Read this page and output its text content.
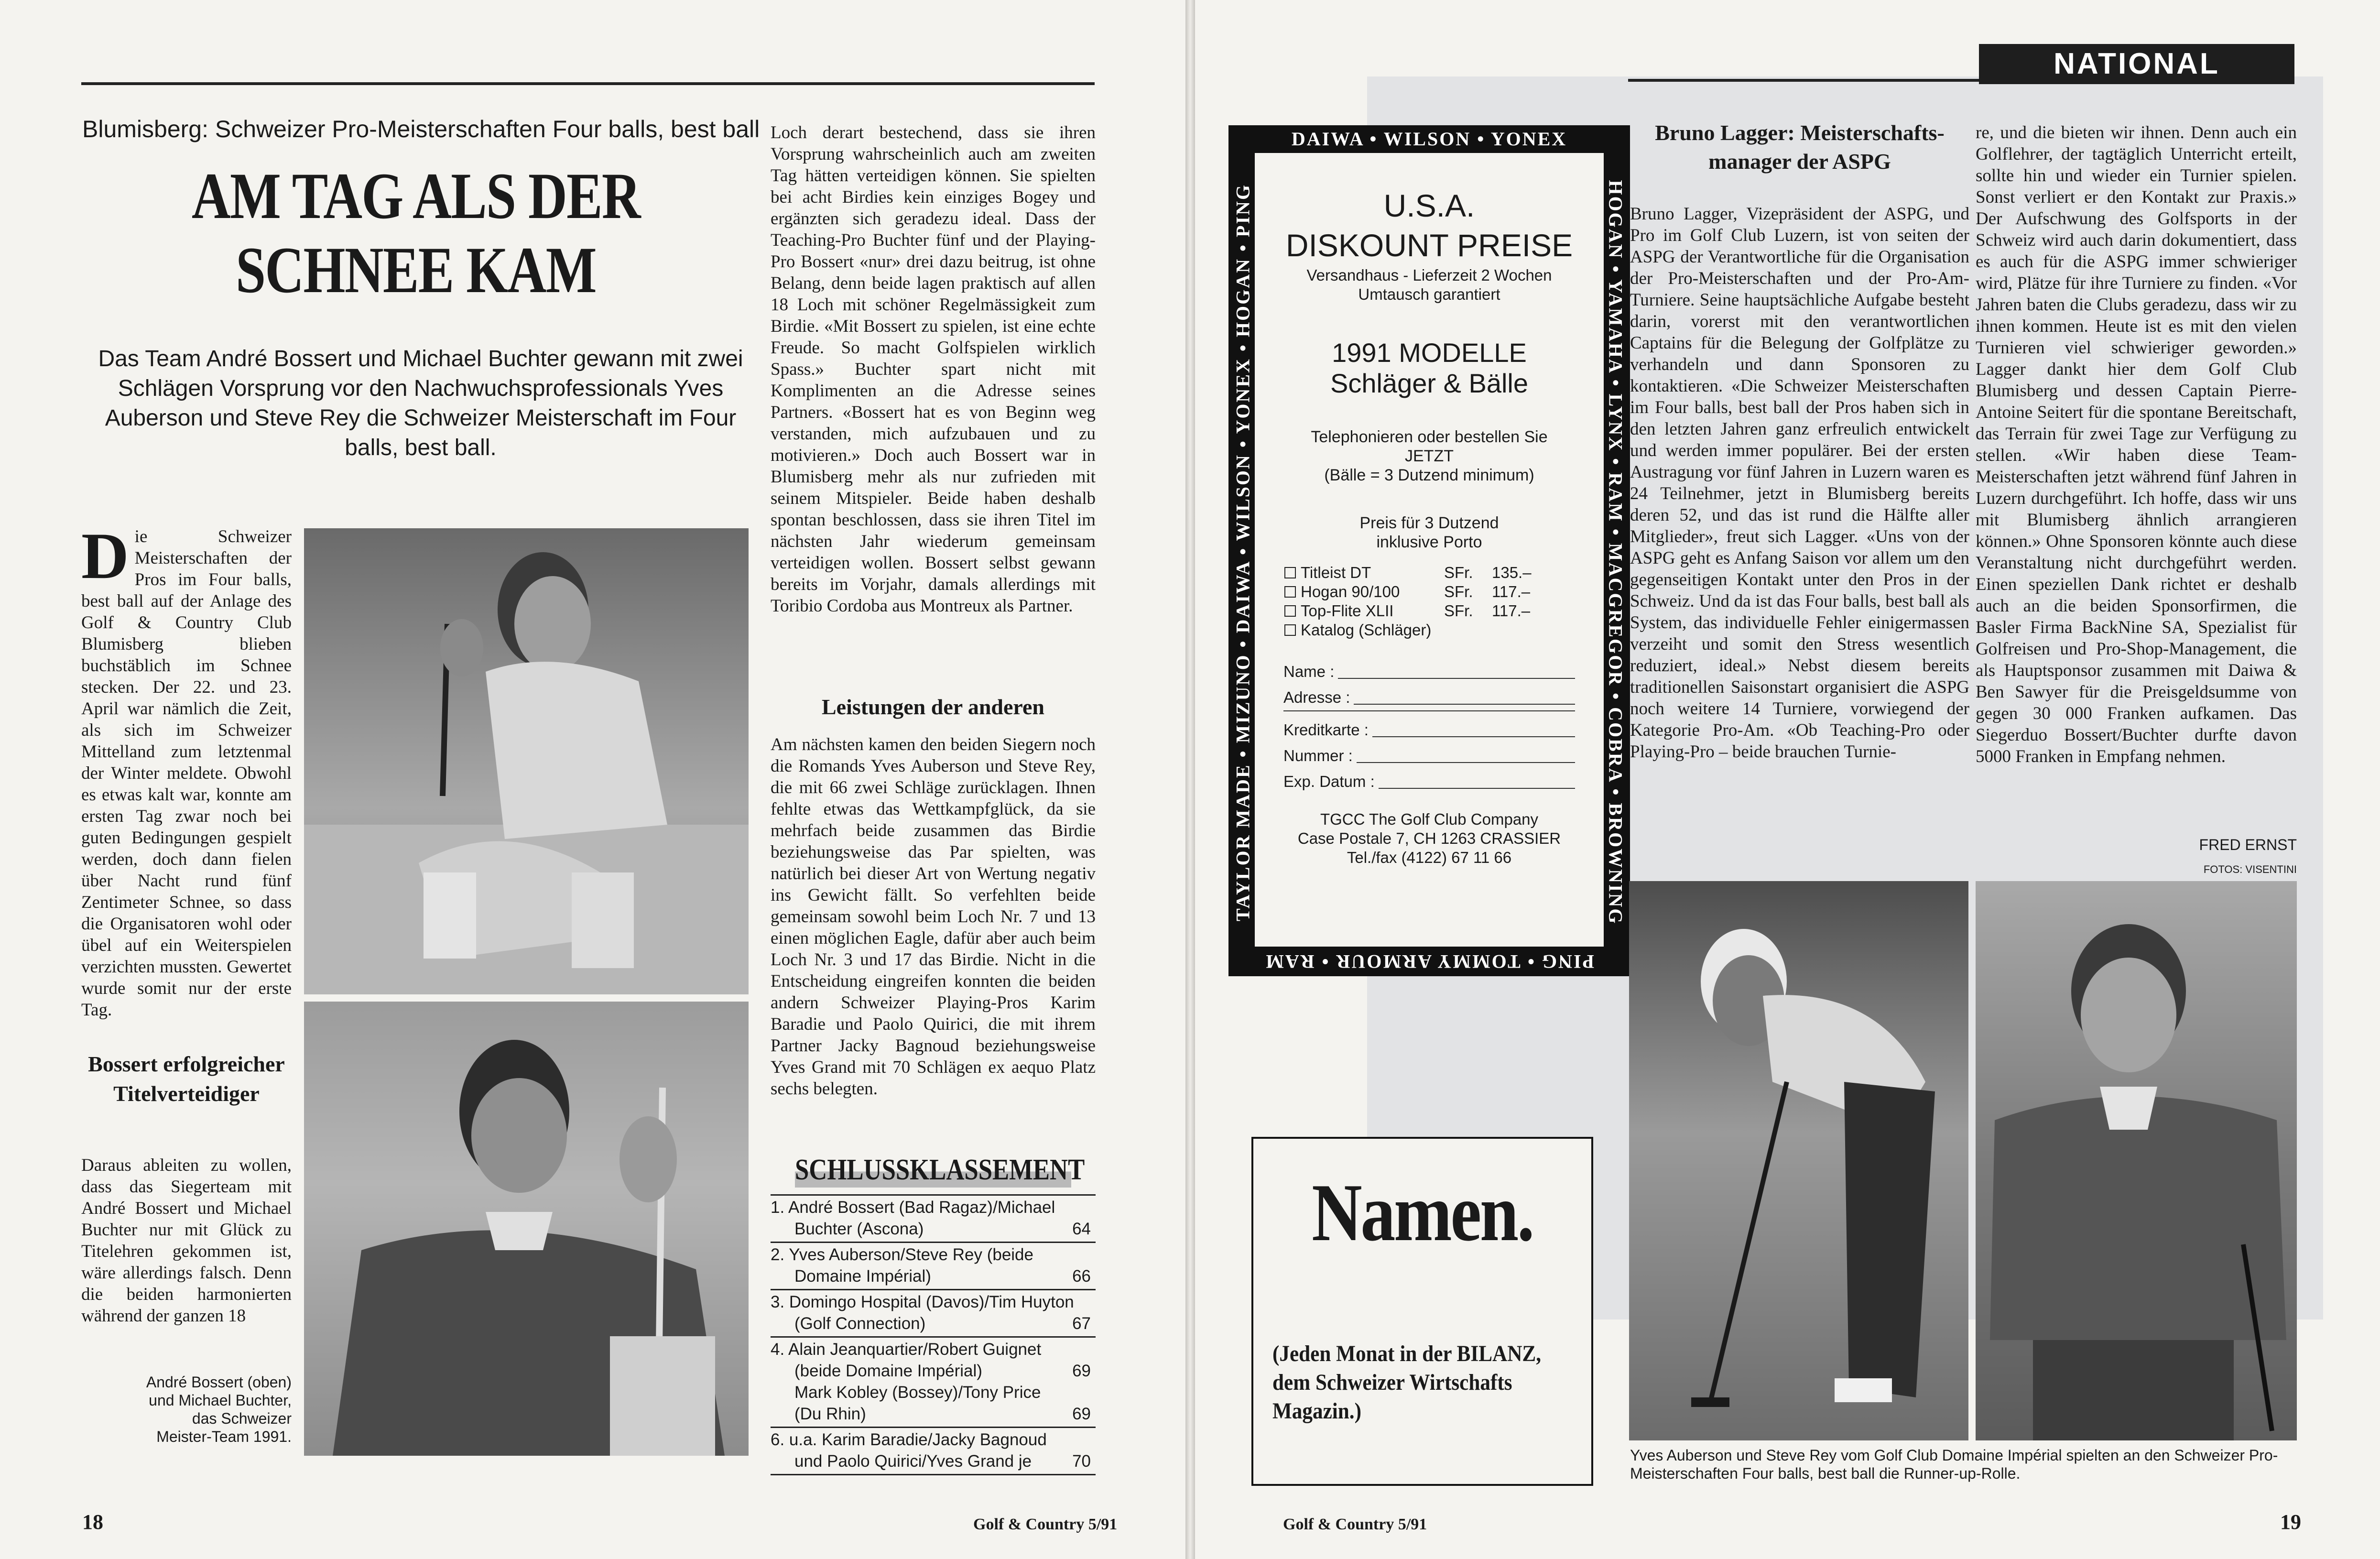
Blumisberg: Schweizer Pro-Meisterschaften Four balls, best ball
AM TAG ALS DER
SCHNEE KAM
Das Team André Bossert und Michael Buchter gewann mit zwei Schlägen Vorsprung vor den Nachwuchsprofessionals Yves Auberson und Steve Rey die Schweizer Meisterschaft im Four balls, best ball.
Die Schweizer Meisterschaften der Pros im Four balls, best ball auf der Anlage des Golf & Country Club Blumisberg blieben buchstäblich im Schnee stecken. Der 22. und 23. April war nämlich die Zeit, als sich im Schweizer Mittelland zum letztenmal der Winter meldete. Obwohl es etwas kalt war, konnte am ersten Tag zwar noch bei guten Bedingungen gespielt werden, doch dann fielen über Nacht rund fünf Zentimeter Schnee, so dass die Organisatoren wohl oder übel auf ein Weiterspielen verzichten mussten. Gewertet wurde somit nur der erste Tag.
Bossert erfolgreicher Titelverteidiger
Daraus ableiten zu wollen, dass das Siegerteam mit André Bossert und Michael Buchter nur mit Glück zu Titelehren gekommen ist, wäre allerdings falsch. Denn die beiden harmonierten während der ganzen 18
André Bossert (oben) und Michael Buchter, das Schweizer Meister-Team 1991.
Loch derart bestechend, dass sie ihren Vorsprung wahrscheinlich auch am zweiten Tag hätten verteidigen können. Sie spielten bei acht Birdies kein einziges Bogey und ergänzten sich geradezu ideal. Dass der Teaching-Pro Buchter fünf und der Playing-Pro Bossert «nur» drei dazu beitrug, ist ohne Belang, denn beide lagen praktisch auf allen 18 Loch mit schöner Regelmässigkeit zum Birdie. «Mit Bossert zu spielen, ist eine echte Freude. So macht Golfspielen wirklich Spass.» Buchter spart nicht mit Komplimenten an die Adresse seines Partners. «Bossert hat es von Beginn weg verstanden, mich aufzubauen und zu motivieren.» Doch auch Bossert war in Blumisberg mehr als nur zufrieden mit seinem Mitspieler. Beide haben deshalb spontan beschlossen, dass sie ihren Titel im nächsten Jahr wiederum gemeinsam verteidigen wollen. Bossert selbst gewann bereits im Vorjahr, damals allerdings mit Toribio Cordoba aus Montreux als Partner.
Leistungen der anderen
Am nächsten kamen den beiden Siegern noch die Romands Yves Auberson und Steve Rey, die mit 66 zwei Schläge zurücklagen. Ihnen fehlte etwas das Wettkampfglück, da sie mehrfach beide zusammen das Birdie beziehungsweise das Par spielten, was natürlich bei dieser Art von Wertung negativ ins Gewicht fällt. So verfehlten beide gemeinsam sowohl beim Loch Nr. 7 und 13 einen möglichen Eagle, dafür aber auch beim Loch Nr. 3 und 17 das Birdie. Nicht in die Entscheidung eingreifen konnten die beiden andern Schweizer Playing-Pros Karim Baradie und Paolo Quirici, die mit ihrem Partner Jacky Bagnoud beziehungsweise Yves Grand mit 70 Schlägen ex aequo Platz sechs belegten.
SCHLUSSKLASSEMENT
1. André Bossert (Bad Ragaz)/Michael
Buchter (Ascona)	64
2. Yves Auberson/Steve Rey (beide
Domaine Impérial)	66
3. Domingo Hospital (Davos)/Tim Huyton
(Golf Connection)	67
4. Alain Jeanquartier/Robert Guignet
(beide Domaine Impérial)	69
Mark Kobley (Bossey)/Tony Price
(Du Rhin)	69
6. u.a. Karim Baradie/Jacky Bagnoud
und Paolo Quirici/Yves Grand je 70
18	Golf & Country 5/91
NATIONAL
DAIWA • WILSON • YONEX
PING • TOMMY ARMOUR • RAM
TAYLOR MADE • MIZUNO • DAIWA • WILSON • YONEX • HOGAN • PING	HOGAN • YAMAHA • LYNX • RAM • MACGREGOR • COBRA • BROWNING
U.S.A.
DISKOUNT PREISE
Versandhaus - Lieferzeit 2 Wochen
Umtausch garantiert
1991 MODELLE
Schläger & Bälle
Telephonieren oder bestellen Sie
JETZT
(Bälle = 3 Dutzend minimum)
Preis für 3 Dutzend
inklusive Porto
Titleist DT	SFr.	135.–
Hogan 90/100	SFr.	117.–
Top-Flite XLII	SFr.	117.–
Katalog (Schläger)
Name :
Adresse :
Kreditkarte :
Nummer :
Exp. Datum :
TGCC The Golf Club Company
Case Postale 7, CH 1263 CRASSIER
Tel./fax (4122) 67 11 66
Namen.
(Jeden Monat in der BILANZ, dem Schweizer Wirtschafts Magazin.)
Bruno Lagger: Meisterschaftsmanager der ASPG
Bruno Lagger, Vizepräsident der ASPG, und Pro im Golf Club Luzern, ist von seiten der ASPG der Verantwortliche für die Organisation der Pro-Meisterschaften und der Pro-Am-Turniere. Seine hauptsächliche Aufgabe besteht darin, vorerst mit den verantwortlichen Captains für die Belegung der Golfplätze zu verhandeln und dann Sponsoren zu kontaktieren. «Die Schweizer Meisterschaften im Four balls, best ball der Pros haben sich in den letzten Jahren ganz erfreulich entwickelt und werden immer populärer. Bei der ersten Austragung vor fünf Jahren in Luzern waren es 24 Teilnehmer, jetzt in Blumisberg bereits deren 52, und das ist rund die Hälfte aller Mitglieder», freut sich Lagger. «Uns von der ASPG geht es Anfang Saison vor allem um den gegenseitigen Kontakt unter den Pros in der Schweiz. Und da ist das Four balls, best ball als System, das individuelle Fehler einigermassen verzeiht und somit den Stress wesentlich reduziert, ideal.» Nebst diesem bereits traditionellen Saisonstart organisiert die ASPG noch weitere 14 Turniere, vorwiegend der Kategorie Pro-Am. «Ob Teaching-Pro oder Playing-Pro – beide brauchen Turnie-
re, und die bieten wir ihnen. Denn auch ein Golflehrer, der tagtäglich Unterricht erteilt, sollte hin und wieder ein Turnier spielen. Sonst verliert er den Kontakt zur Praxis.» Der Aufschwung des Golfsports in der Schweiz wird auch darin dokumentiert, dass es auch für die ASPG immer schwieriger wird, Plätze für ihre Turniere zu finden. «Vor Jahren baten die Clubs geradezu, dass wir zu ihnen kommen. Heute ist es mit den vielen Turnieren viel schwieriger geworden.» Lagger dankt hier dem Golf Club Blumisberg und dessen Captain Pierre-Antoine Seitert für die spontane Bereitschaft, das Terrain für zwei Tage zur Verfügung zu stellen. «Wir haben diese Team-Meisterschaften jetzt während fünf Jahren in Luzern durchgeführt. Ich hoffe, dass wir uns mit Blumisberg ähnlich arrangieren können.» Ohne Sponsoren könnte auch diese Veranstaltung nicht durchgeführt werden. Einen speziellen Dank richtet er deshalb auch an die beiden Sponsorfirmen, die Basler Firma BackNine SA, Spezialist für Golfreisen und Pro-Shop-Management, die als Hauptsponsor zusammen mit Daiwa & Ben Sawyer für die Preisgeldsumme von gegen 30 000 Franken aufkamen. Das Siegerduo Bossert/Buchter durfte davon 5000 Franken in Empfang nehmen.
FRED ERNST
FOTOS: VISENTINI
Yves Auberson und Steve Rey vom Golf Club Domaine Impérial spielten an den Schweizer Pro-Meisterschaften Four balls, best ball die Runner-up-Rolle.
Golf & Country 5/91	19
